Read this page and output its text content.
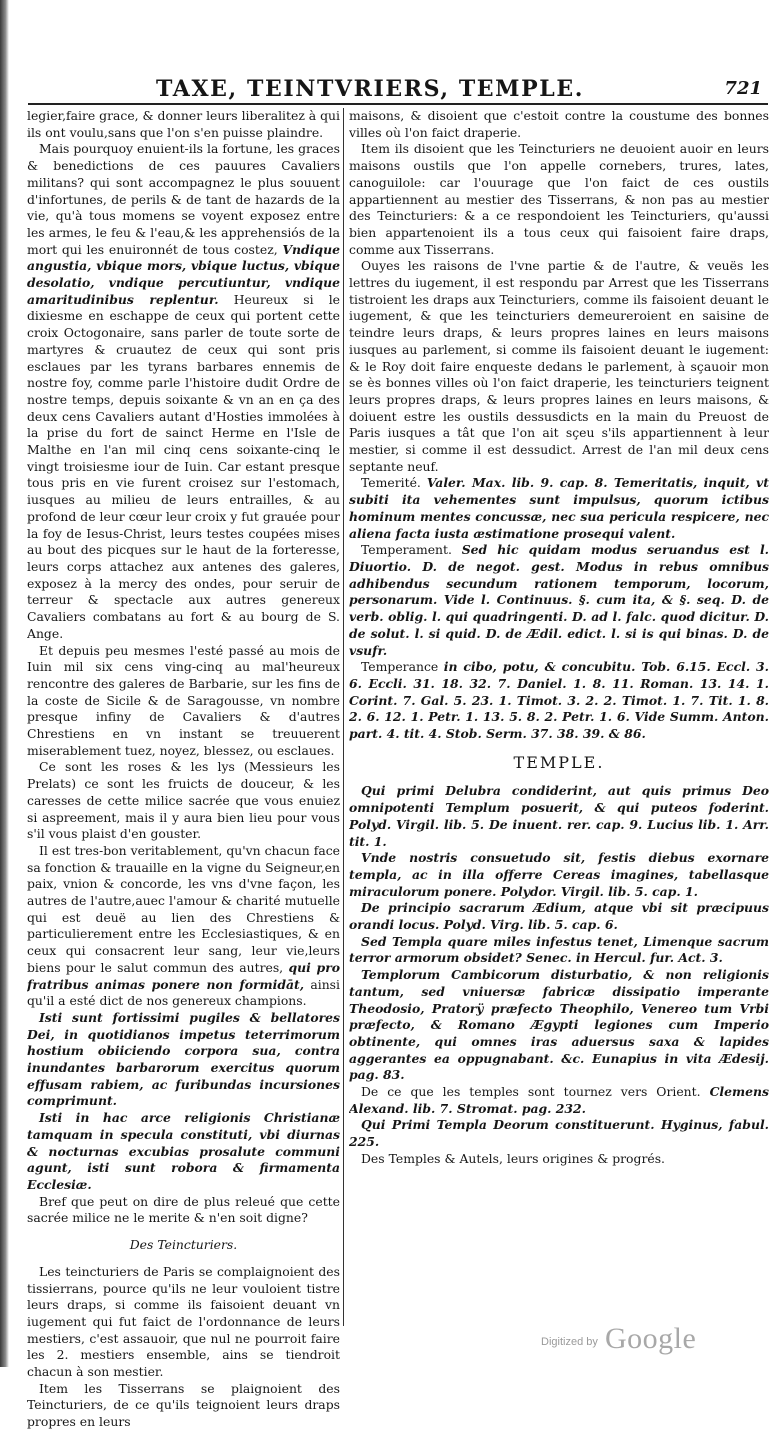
TAXE, TEINTVRIERS, TEMPLE.	721

legier,faire grace, & donner leurs liberalitez à qui ils ont voulu,sans que l'on s'en puisse plaindre.

Mais pourquoy enuient-ils la fortune, les graces & benedictions de ces pauures Cavaliers militans? qui sont accompagnez le plus souuent d'infortunes, de perils & de tant de hazards de la vie, qu'à tous momens se voyent exposez entre les armes, le feu & l'eau,& les apprehensiós de la mort qui les enuironnét de tous costez, Vndique angustia, vbique mors, vbique luctus, vbique desolatio, vndique percutiuntur, vndique amaritudinibus replentur. Heureux si le dixiesme en eschappe de ceux qui portent cette croix Octogonaire, sans parler de toute sorte de martyres & cruautez de ceux qui sont pris esclaues par les tyrans barbares ennemis de nostre foy, comme parle l'histoire dudit Ordre de nostre temps, depuis soixante & vn an en ça des deux cens Cavaliers autant d'Hosties immolées à la prise du fort de sainct Herme en l'Isle de Malthe en l'an mil cinq cens soixante-cinq le vingt troisiesme iour de Iuin. Car estant presque tous pris en vie furent croisez sur l'estomach, iusques au milieu de leurs entrailles, & au profond de leur cœur leur croix y fut grauée pour la foy de Iesus-Christ, leurs testes coupées mises au bout des picques sur le haut de la forteresse, leurs corps attachez aux antenes des galeres, exposez à la mercy des ondes, pour seruir de terreur & spectacle aux autres genereux Cavaliers combatans au fort & au bourg de S. Ange.

Et depuis peu mesmes l'esté passé au mois de Iuin mil six cens ving-cinq au mal'heureux rencontre des galeres de Barbarie, sur les fins de la coste de Sicile & de Saragousse, vn nombre presque infiny de Cavaliers & d'autres Chrestiens en vn instant se treuuerent miserablement tuez, noyez, blessez, ou esclaues.

Ce sont les roses & les lys (Messieurs les Prelats) ce sont les fruicts de douceur, & les caresses de cette milice sacrée que vous enuiez si aspreement, mais il y aura bien lieu pour vous s'il vous plaist d'en gouster.

Il est tres-bon veritablement, qu'vn chacun face sa fonction & trauaille en la vigne du Seigneur,en paix, vnion & concorde, les vns d'vne façon, les autres de l'autre,auec l'amour & charité mutuelle qui est deuë au lien des Chrestiens & particulierement entre les Ecclesiastiques, & en ceux qui consacrent leur sang, leur vie,leurs biens pour le salut commun des autres, qui pro fratribus animas ponere non formidāt, ainsi qu'il a esté dict de nos genereux champions.

Isti sunt fortissimi pugiles & bellatores Dei, in quotidianos impetus teterrimorum hostium obiiciendo corpora sua, contra inundantes barbarorum exercitus quorum effusam rabiem, ac furibundas incursiones comprimunt.

Isti in hac arce religionis Christianæ tamquam in specula constituti, vbi diurnas & nocturnas excubias prosalute communi agunt, isti sunt robora & firmamenta Ecclesiæ.

Bref que peut on dire de plus releué que cette sacrée milice ne le merite & n'en soit digne?

Des Teincturiers.

Les teincturiers de Paris se complaignoient des tissierrans, pource qu'ils ne leur vouloient tistre leurs draps, si comme ils faisoient deuant vn iugement qui fut faict de l'ordonnance de leurs mestiers, c'est assauoir, que nul ne pourroit faire les 2. mestiers ensemble, ains se tiendroit chacun à son mestier.

Item les Tisserrans se plaignoient des Teincturiers, de ce qu'ils teignoient leurs draps propres en leurs

maisons, & disoient que c'estoit contre la coustume des bonnes villes où l'on faict draperie.

Item ils disoient que les Teincturiers ne deuoient auoir en leurs maisons oustils que l'on appelle cornebers, trures, lates, canoguilole: car l'ouurage que l'on faict de ces oustils appartiennent au mestier des Tisserrans, & non pas au mestier des Teincturiers: & a ce respondoient les Teincturiers, qu'aussi bien appartenoient ils a tous ceux qui faisoient faire draps, comme aux Tisserrans.

Ouyes les raisons de l'vne partie & de l'autre, & veuës les lettres du iugement, il est respondu par Arrest que les Tisserrans tistroient les draps aux Teincturiers, comme ils faisoient deuant le iugement, & que les teincturiers demeureroient en saisine de teindre leurs draps, & leurs propres laines en leurs maisons iusques au parlement, si comme ils faisoient deuant le iugement: & le Roy doit faire enqueste dedans le parlement, à sçauoir mon se ès bonnes villes où l'on faict draperie, les teincturiers teignent leurs propres draps, & leurs propres laines en leurs maisons, & doiuent estre les oustils dessusdicts en la main du Preuost de Paris iusques a tât que l'on ait sçeu s'ils appartiennent à leur mestier, si comme il est dessudict. Arrest de l'an mil deux cens septante neuf.

Temerité. Valer. Max. lib. 9. cap. 8. Temeritatis, inquit, vt subiti ita vehementes sunt impulsus, quorum ictibus hominum mentes concussæ, nec sua pericula respicere, nec aliena facta iusta æstimatione prosequi valent.

Temperament. Sed hic quidam modus seruandus est l. Diuortio. D. de negot. gest. Modus in rebus omnibus adhibendus secundum rationem temporum, locorum, personarum. Vide l. Continuus. §. cum ita, & §. seq. D. de verb. oblig. l. qui quadringenti. D. ad l. falc. quod dicitur. D. de solut. l. si quid. D. de Ædil. edict. l. si is qui binas. D. de vsufr.

Temperance in cibo, potu, & concubitu. Tob. 6.15. Eccl. 3. 6. Eccli. 31. 18. 32. 7. Daniel. 1. 8. 11. Roman. 13. 14. 1. Corint. 7. Gal. 5. 23. 1. Timot. 3. 2. 2. Timot. 1. 7. Tit. 1. 8. 2. 6. 12. 1. Petr. 1. 13. 5. 8. 2. Petr. 1. 6. Vide Summ. Anton. part. 4. tit. 4. Stob. Serm. 37. 38. 39. & 86.

TEMPLE.

Qui primi Delubra condiderint, aut quis primus Deo omnipotenti Templum posuerit, & qui puteos foderint. Polyd. Virgil. lib. 5. De inuent. rer. cap. 9. Lucius lib. 1. Arr. tit. 1.

Vnde nostris consuetudo sit, festis diebus exornare templa, ac in illa offerre Cereas imagines, tabellasque miraculorum ponere. Polydor. Virgil. lib. 5. cap. 1.

De principio sacrarum Ædium, atque vbi sit præcipuus orandi locus. Polyd. Virg. lib. 5. cap. 6.

Sed Templa quare miles infestus tenet, Limenque sacrum terror armorum obsidet? Senec. in Hercul. fur. Act. 3.

Templorum Cambicorum disturbatio, & non religionis tantum, sed vniuersæ fabricæ dissipatio imperante Theodosio, Pratorÿ præfecto Theophilo, Venereo tum Vrbi præfecto, & Romano Ægypti legiones cum Imperio obtinente, qui omnes iras aduersus saxa & lapides aggerantes ea oppugnabant. &c. Eunapius in vita Ædesij. pag. 83.

De ce que les temples sont tournez vers Orient. Clemens Alexand. lib. 7. Stromat. pag. 232.

Qui Primi Templa Deorum constituerunt. Hyginus, fabul. 225.

Des Temples & Autels, leurs origines & progrés.

Digitized by Google
